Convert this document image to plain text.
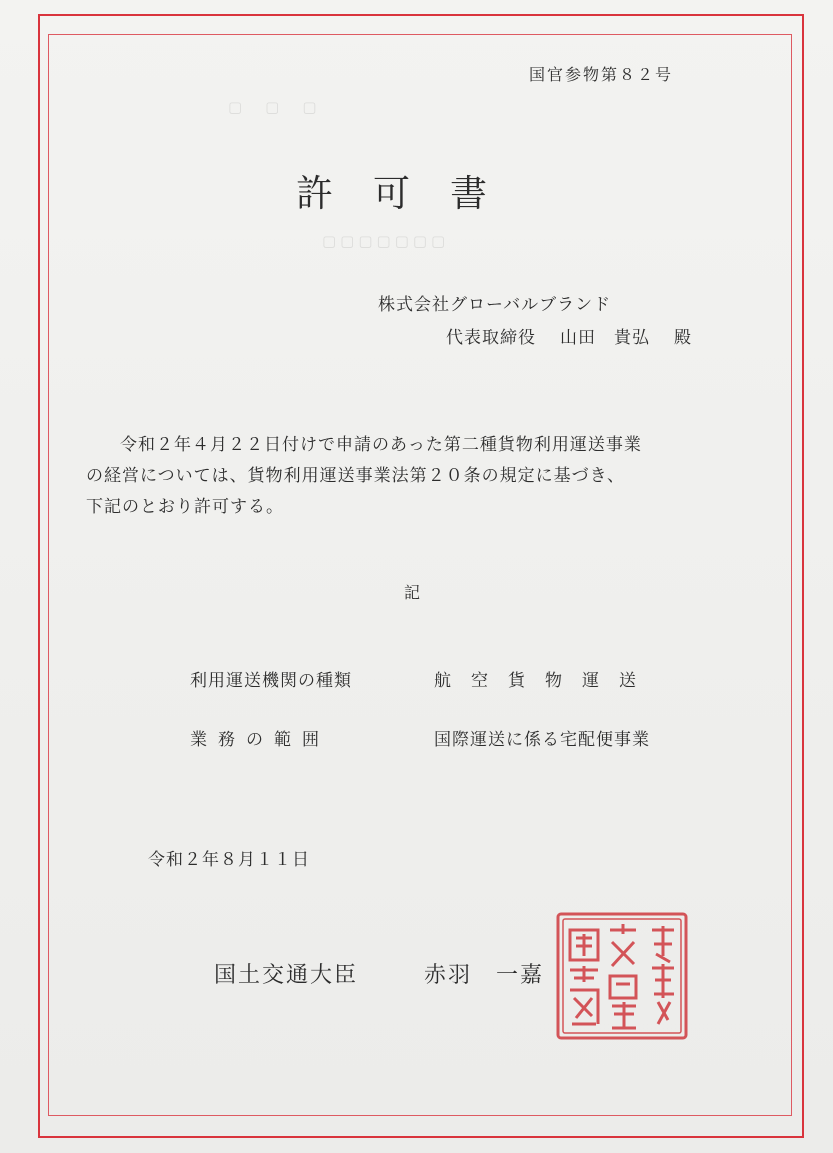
▢　▢　▢
▢▢▢▢▢▢▢
国官参物第８２号
許可書
株式会社グローバルブランド
代表取締役 山田　貴弘 殿
令和２年４月２２日付けで申請のあった第二種貨物利用運送事業
の経営については、貨物利用運送事業法第２０条の規定に基づき、
下記のとおり許可する。
記
利用運送機関の種類	航空貨物運送
業務の範囲	国際運送に係る宅配便事業
令和２年８月１１日
国土交通大臣	赤羽　一嘉
